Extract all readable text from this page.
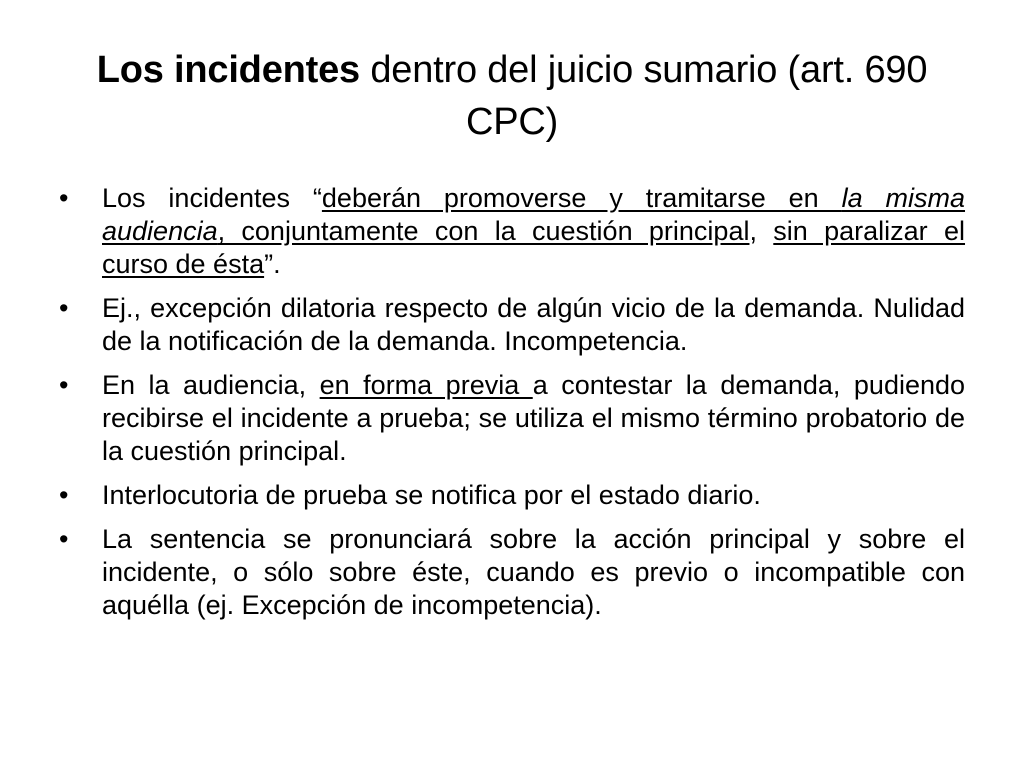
Los incidentes dentro del juicio sumario (art. 690 CPC)
• Los incidentes “deberán promoverse y tramitarse en la misma audiencia, conjuntamente con la cuestión principal, sin paralizar el curso de ésta”.
• Ej., excepción dilatoria respecto de algún vicio de la demanda. Nulidad de la notificación de la demanda. Incompetencia.
• En la audiencia, en forma previa a contestar la demanda, pudiendo recibirse el incidente a prueba; se utiliza el mismo término probatorio de la cuestión principal.
• Interlocutoria de prueba se notifica por el estado diario.
• La sentencia se pronunciará sobre la acción principal y sobre el incidente, o sólo sobre éste, cuando es previo o incompatible con aquélla (ej. Excepción de incompetencia).
